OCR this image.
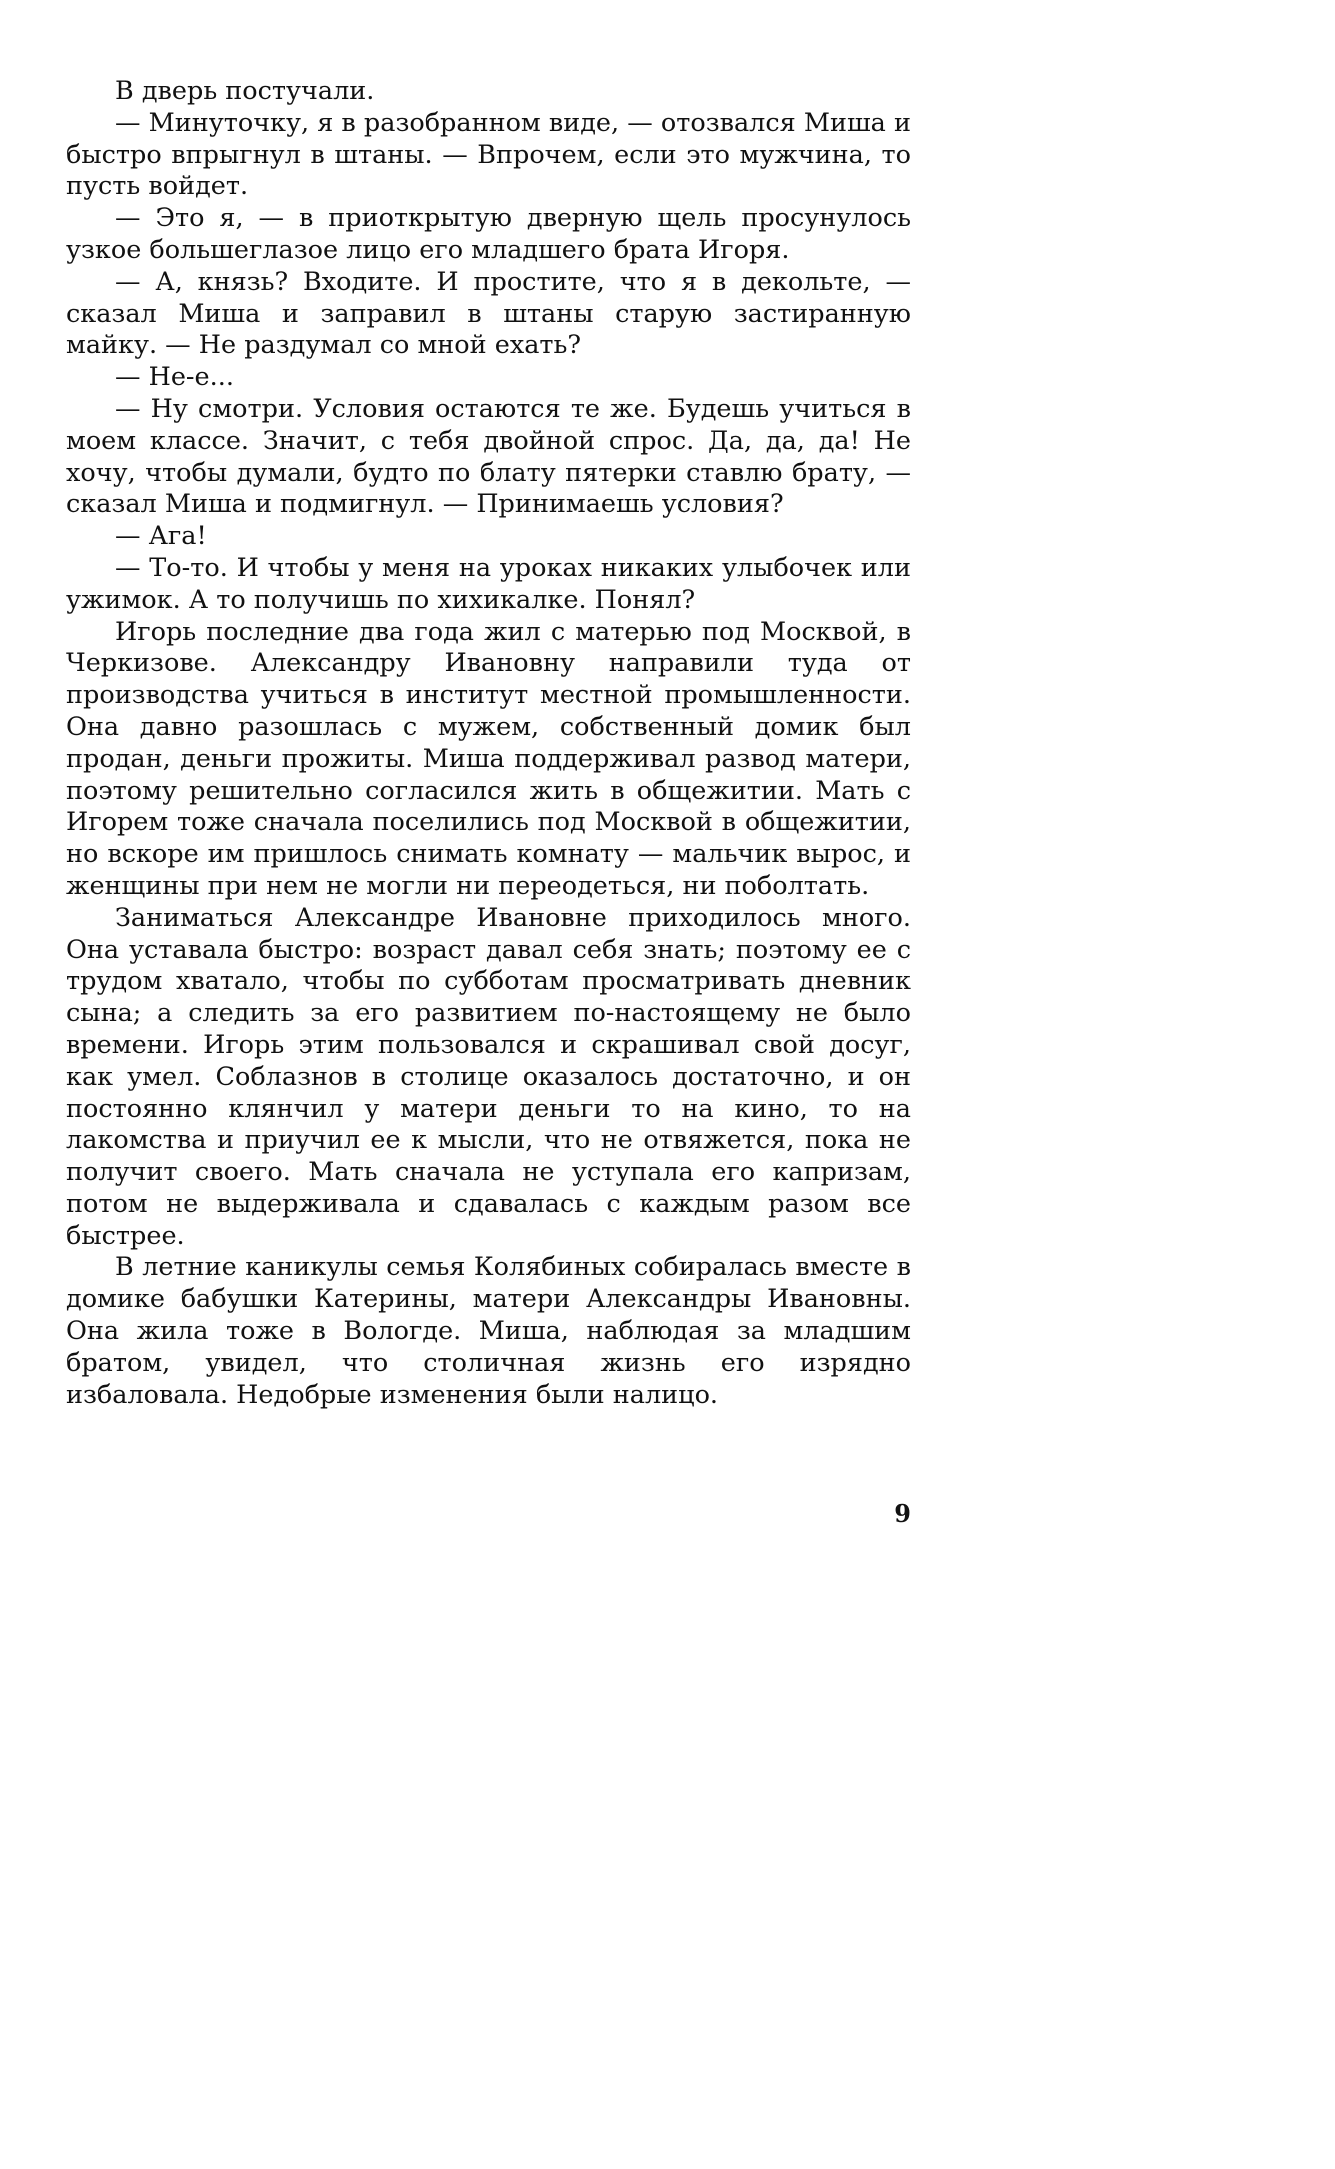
В дверь постучали.

— Минуточку, я в разобранном виде, — отозвался Миша и быстро впрыгнул в штаны. — Впрочем, если это мужчина, то пусть войдет.

— Это я, — в приоткрытую дверную щель просунулось узкое большеглазое лицо его младшего брата Игоря.

— А, князь? Входите. И простите, что я в декольте, — сказал Миша и заправил в штаны старую застиранную майку. — Не раздумал со мной ехать?

— Не-е...

— Ну смотри. Условия остаются те же. Будешь учиться в моем классе. Значит, с тебя двойной спрос. Да, да, да! Не хочу, чтобы думали, будто по блату пятерки ставлю брату, — сказал Миша и подмигнул. — Принимаешь условия?

— Ага!

— То-то. И чтобы у меня на уроках никаких улыбочек или ужимок. А то получишь по хихикалке. Понял?

Игорь последние два года жил с матерью под Москвой, в Черкизове. Александру Ивановну направили туда от производства учиться в институт местной промышленности. Она давно разошлась с мужем, собственный домик был продан, деньги прожиты. Миша поддерживал развод матери, поэтому решительно согласился жить в общежитии. Мать с Игорем тоже сначала поселились под Москвой в общежитии, но вскоре им пришлось снимать комнату — мальчик вырос, и женщины при нем не могли ни переодеться, ни поболтать.

Заниматься Александре Ивановне приходилось много. Она уставала быстро: возраст давал себя знать; поэтому ее с трудом хватало, чтобы по субботам просматривать дневник сына; а следить за его развитием по-настоящему не было времени. Игорь этим пользовался и скрашивал свой досуг, как умел. Соблазнов в столице оказалось достаточно, и он постоянно клянчил у матери деньги то на кино, то на лакомства и приучил ее к мысли, что не отвяжется, пока не получит своего. Мать сначала не уступала его капризам, потом не выдерживала и сдавалась с каждым разом все быстрее.

В летние каникулы семья Колябиных собиралась вместе в домике бабушки Катерины, матери Александры Ивановны. Она жила тоже в Вологде. Миша, наблюдая за младшим братом, увидел, что столичная жизнь его изрядно избаловала. Недобрые изменения были налицо.

9
